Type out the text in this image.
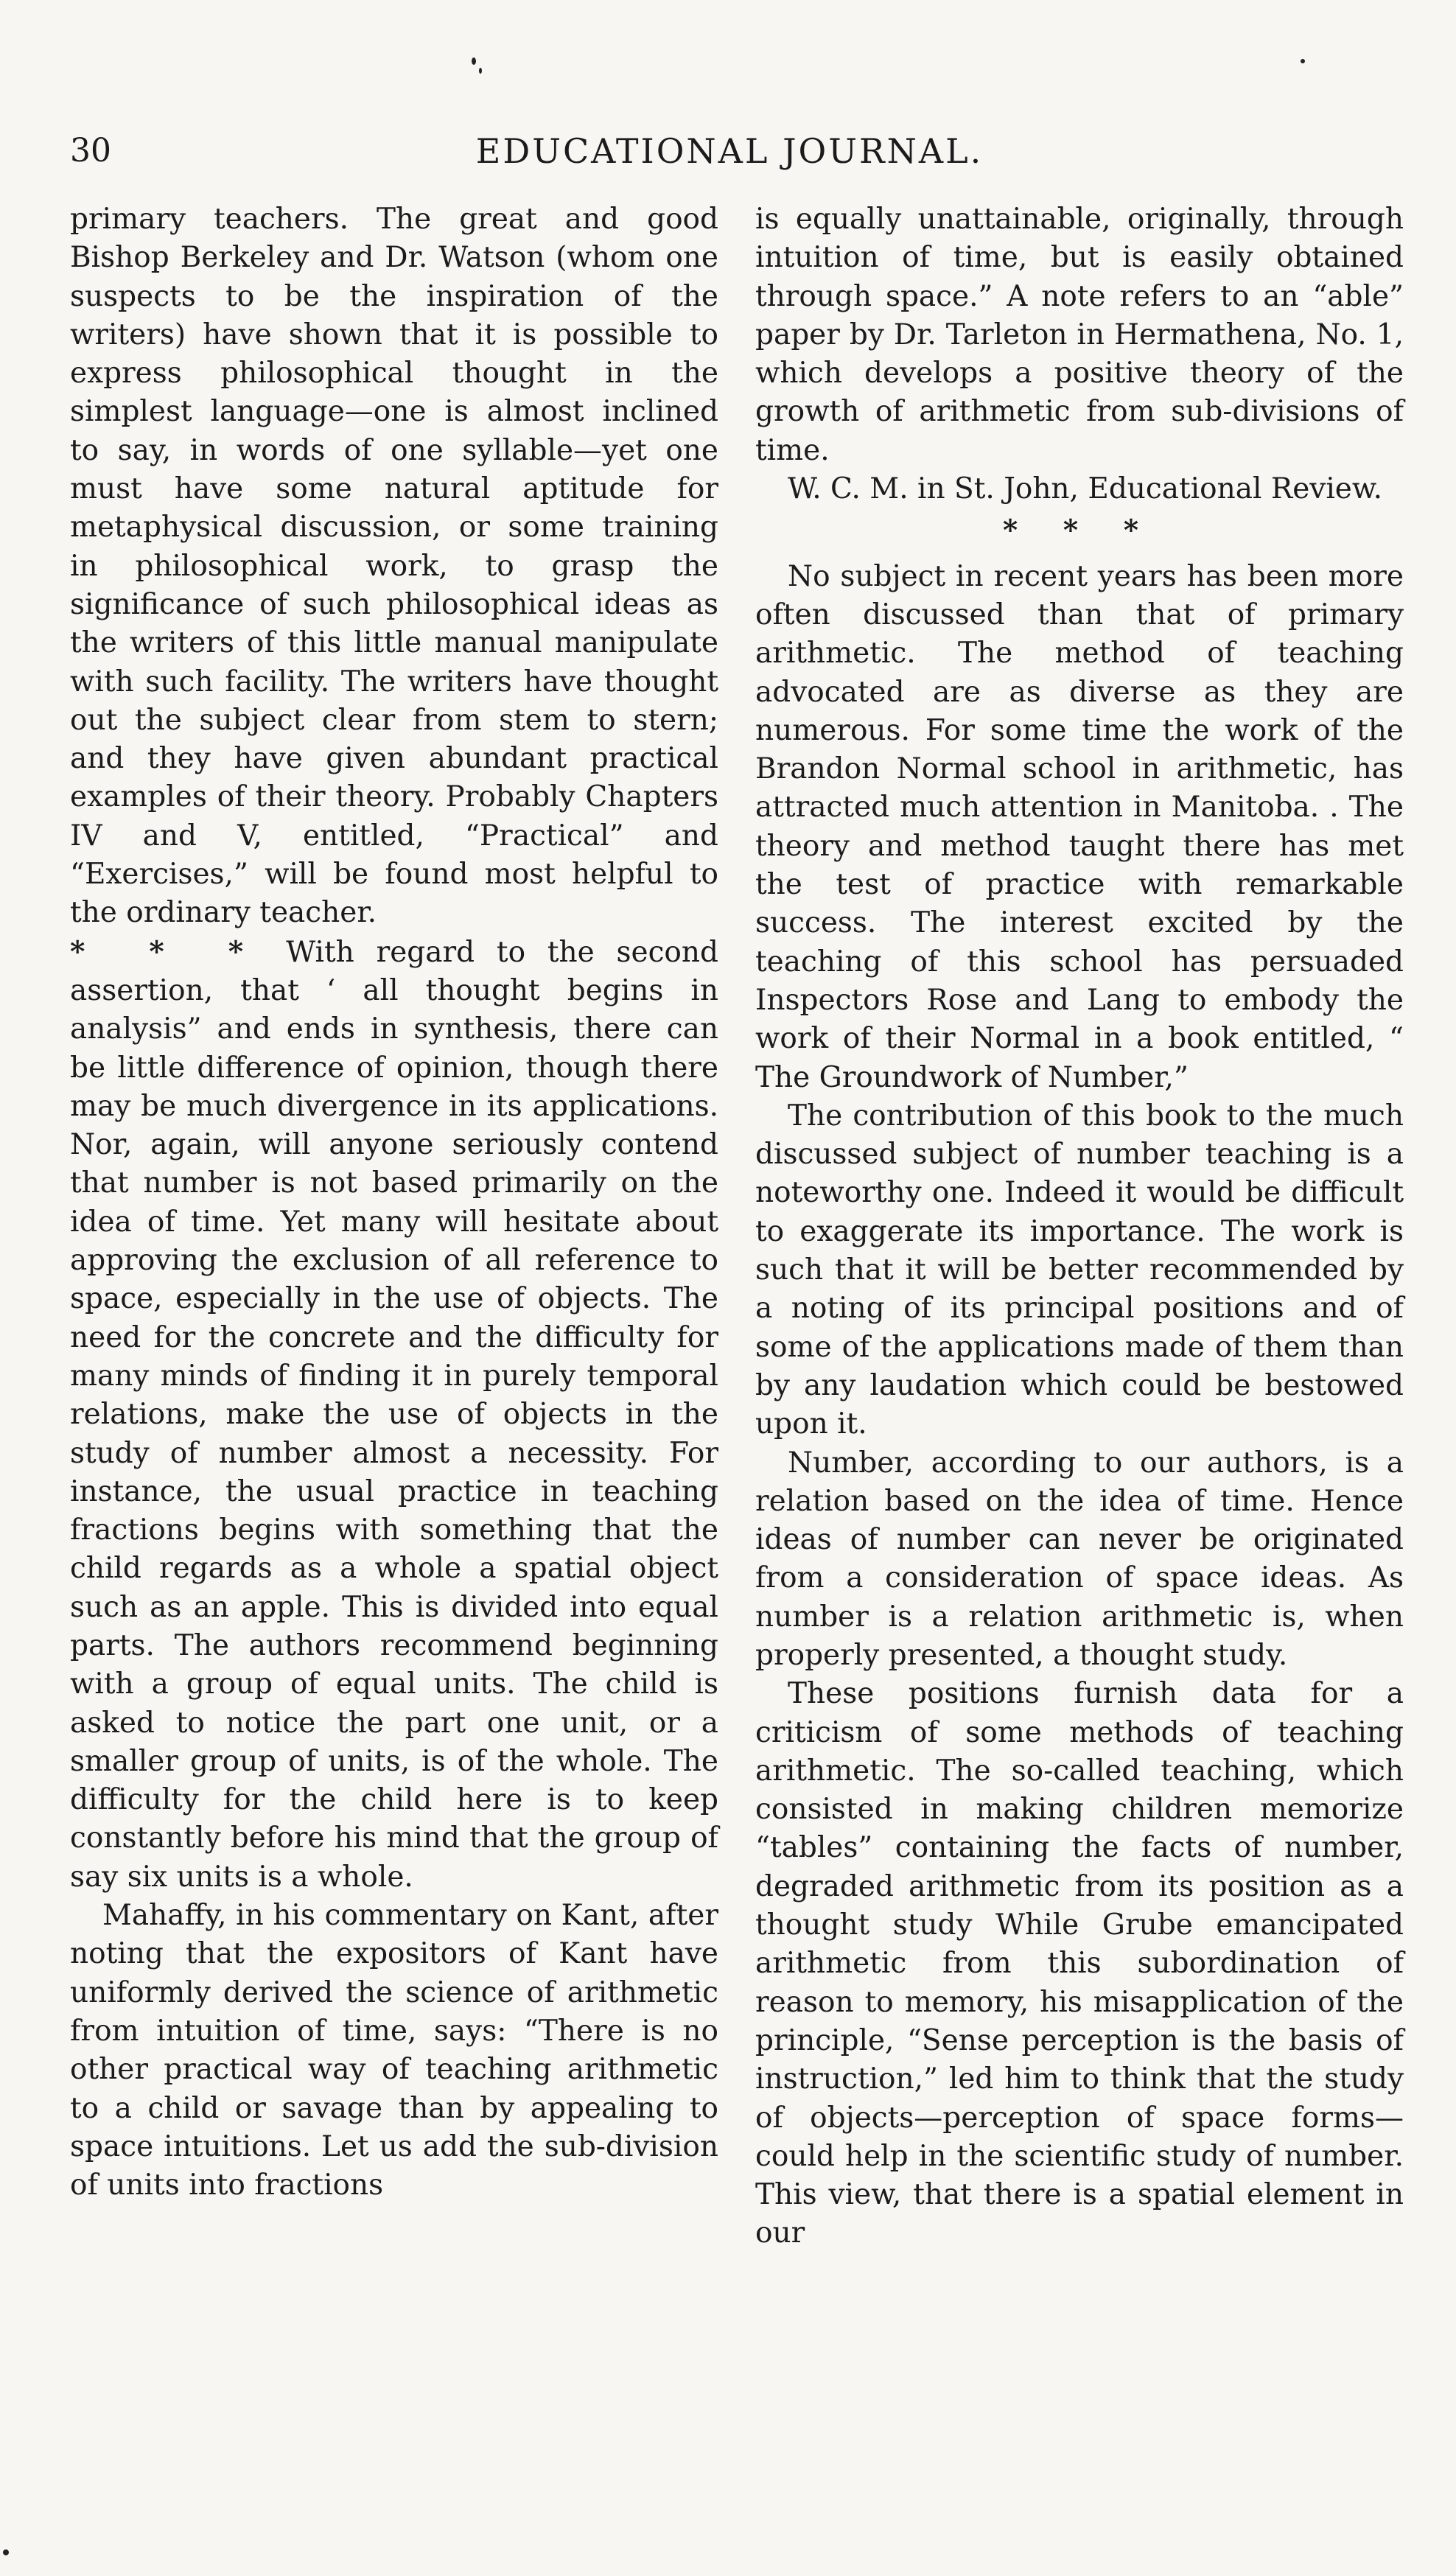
30	EDUCATIONAL JOURNAL.

primary teachers. The great and good Bishop Berkeley and Dr. Watson (whom one suspects to be the inspiration of the writers) have shown that it is possible to express philosophical thought in the simplest language—one is almost inclined to say, in words of one syllable—yet one must have some natural aptitude for metaphysical discussion, or some training in philosophical work, to grasp the significance of such philosophical ideas as the writers of this little manual manipulate with such facility. The writers have thought out the subject clear from stem to stern; and they have given abundant practical examples of their theory. Probably Chapters IV and V, entitled, “Practical” and “Exercises,” will be found most helpful to the ordinary teacher.

* * * With regard to the second assertion, that ‘ all thought begins in analysis” and ends in synthesis, there can be little difference of opinion, though there may be much divergence in its applications. Nor, again, will anyone seriously contend that number is not based primarily on the idea of time. Yet many will hesitate about approving the exclusion of all reference to space, especially in the use of objects. The need for the concrete and the difficulty for many minds of finding it in purely temporal relations, make the use of objects in the study of number almost a necessity. For instance, the usual practice in teaching fractions begins with something that the child regards as a whole a spatial object such as an apple. This is divided into equal parts. The authors recommend beginning with a group of equal units. The child is asked to notice the part one unit, or a smaller group of units, is of the whole. The difficulty for the child here is to keep constantly before his mind that the group of say six units is a whole.

Mahaffy, in his commentary on Kant, after noting that the expositors of Kant have uniformly derived the science of arithmetic from intuition of time, says: “There is no other practical way of teaching arithmetic to a child or savage than by appealing to space intuitions. Let us add the sub-division of units into fractions

is equally unattainable, originally, through intuition of time, but is easily obtained through space.” A note refers to an “able” paper by Dr. Tarleton in Hermathena, No. 1, which develops a positive theory of the growth of arithmetic from sub-divisions of time.

W. C. M. in St. John, Educational Review.

* * *

No subject in recent years has been more often discussed than that of primary arithmetic. The method of teaching advocated are as diverse as they are numerous. For some time the work of the Brandon Normal school in arithmetic, has attracted much attention in Manitoba. . The theory and method taught there has met the test of practice with remarkable success. The interest excited by the teaching of this school has persuaded Inspectors Rose and Lang to embody the work of their Normal in a book entitled, “ The Groundwork of Number,”

The contribution of this book to the much discussed subject of number teaching is a noteworthy one. Indeed it would be difficult to exaggerate its importance. The work is such that it will be better recommended by a noting of its principal positions and of some of the applications made of them than by any laudation which could be bestowed upon it.

Number, according to our authors, is a relation based on the idea of time. Hence ideas of number can never be originated from a consideration of space ideas. As number is a relation arithmetic is, when properly presented, a thought study.

These positions furnish data for a criticism of some methods of teaching arithmetic. The so-called teaching, which consisted in making children memorize “tables” containing the facts of number, degraded arithmetic from its position as a thought study While Grube emancipated arithmetic from this subordination of reason to memory, his misapplication of the principle, “Sense perception is the basis of instruction,” led him to think that the study of objects—perception of space forms—could help in the scientific study of number. This view, that there is a spatial element in our
